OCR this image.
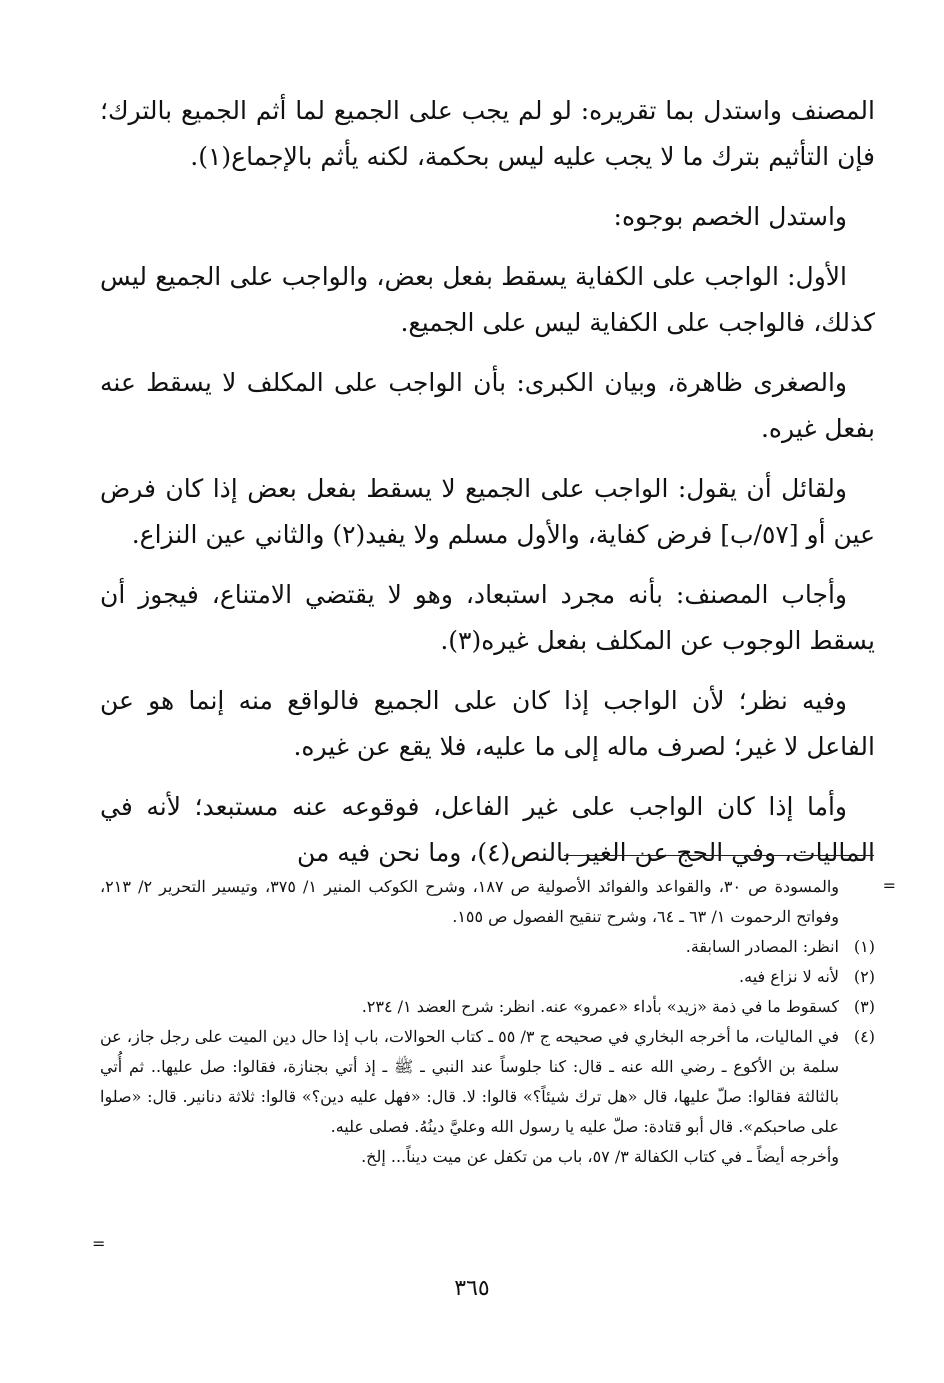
المصنف واستدل بما تقريره: لو لم يجب على الجميع لما أثم الجميع بالترك؛ فإن التأثيم بترك ما لا يجب عليه ليس بحكمة، لكنه يأثم بالإجماع(١).

واستدل الخصم بوجوه:

الأول: الواجب على الكفاية يسقط بفعل بعض، والواجب على الجميع ليس كذلك، فالواجب على الكفاية ليس على الجميع.

والصغرى ظاهرة، وبيان الكبرى: بأن الواجب على المكلف لا يسقط عنه بفعل غيره.

ولقائل أن يقول: الواجب على الجميع لا يسقط بفعل بعض إذا كان فرض عين أو [٥٧/ب] فرض كفاية، والأول مسلم ولا يفيد(٢) والثاني عين النزاع.

وأجاب المصنف: بأنه مجرد استبعاد، وهو لا يقتضي الامتناع، فيجوز أن يسقط الوجوب عن المكلف بفعل غيره(٣).

وفيه نظر؛ لأن الواجب إذا كان على الجميع فالواقع منه إنما هو عن الفاعل لا غير؛ لصرف ماله إلى ما عليه، فلا يقع عن غيره.

وأما إذا كان الواجب على غير الفاعل، فوقوعه عنه مستبعد؛ لأنه في الماليات، وفي الحج عن الغير بالنص(٤)، وما نحن فيه من

=
والمسودة ص ٣٠، والقواعد والفوائد الأصولية ص ١٨٧، وشرح الكوكب المنير ١/ ٣٧٥، وتيسير التحرير ٢/ ٢١٣، وفواتح الرحموت ١/ ٦٣ ـ ٦٤، وشرح تنقيح الفصول ص ١٥٥.
(١)
انظر: المصادر السابقة.
(٢)
لأنه لا نزاع فيه.
(٣)
كسقوط ما في ذمة «زيد» بأداء «عمرو» عنه. انظر: شرح العضد ١/ ٢٣٤.
(٤)
في الماليات، ما أخرجه البخاري في صحيحه ج ٣/ ٥٥ ـ كتاب الحوالات، باب إذا حال دين الميت على رجل جاز، عن سلمة بن الأكوع ـ رضي الله عنه ـ قال: كنا جلوساً عند النبي ـ ﷺ ـ إذ أتي بجنازة، فقالوا: صل عليها.. ثم أُتي بالثالثة فقالوا: صلّ عليها، قال «هل ترك شيئاً؟» قالوا: لا. قال: «فهل عليه دين؟» قالوا: ثلاثة دنانير. قال: «صلوا على صاحبكم». قال أبو قتادة: صلّ عليه يا رسول الله وعليَّ دينُهُ. فصلى عليه.
وأخرجه أيضاً ـ في كتاب الكفالة ٣/ ٥٧، باب من تكفل عن ميت ديناً... إلخ.
=
٣٦٥
